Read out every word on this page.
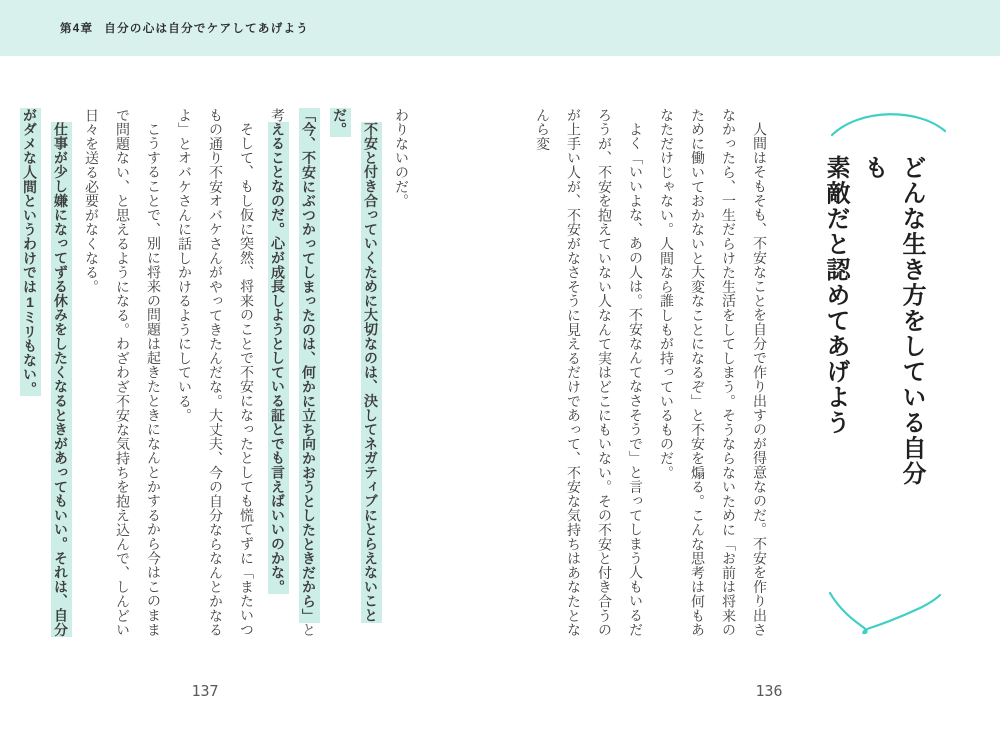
第4章 自分の心は自分でケアしてあげよう

どんな生き方をしている自分も

素敵だと認めてあげよう

人間はそもそも、不安なことを自分で作り出すのが得意なのだ。不安を作り出さなかったら、一生だらけた生活をしてしまう。そうならないために「お前は将来のために働いておかないと大変なことになるぞ」と不安を煽る。こんな思考は何もあなただけじゃない。人間なら誰しもが持っているものだ。

よく「いいよな、あの人は。不安なんてなさそうで」と言ってしまう人もいるだろうが、不安を抱えていない人なんて実はどこにもいない。その不安と付き合うのが上手い人が、不安がなさそうに見えるだけであって、不安な気持ちはあなたとなんら変

136

わりないのだ。

不安と付き合っていくために大切なのは、決してネガティブにとらえないことだ。

「今、不安にぶつかってしまったのは、何かに立ち向かおうとしたときだから」と考えることなのだ。心が成長しようとしている証とでも言えばいいのかな。

そして、もし仮に突然、将来のことで不安になったとしても慌てずに「またいつもの通り不安オバケさんがやってきたんだな。大丈夫、今の自分ならなんとかなるよ」とオバケさんに話しかけるようにしている。

こうすることで、別に将来の問題は起きたときになんとかするから今はこのままで問題ない、と思えるようになる。わざわざ不安な気持ちを抱え込んで、しんどい日々を送る必要がなくなる。

仕事が少し嫌になってずる休みをしたくなるときがあってもいい。それは、自分がダメな人間というわけでは1ミリもない。

137
